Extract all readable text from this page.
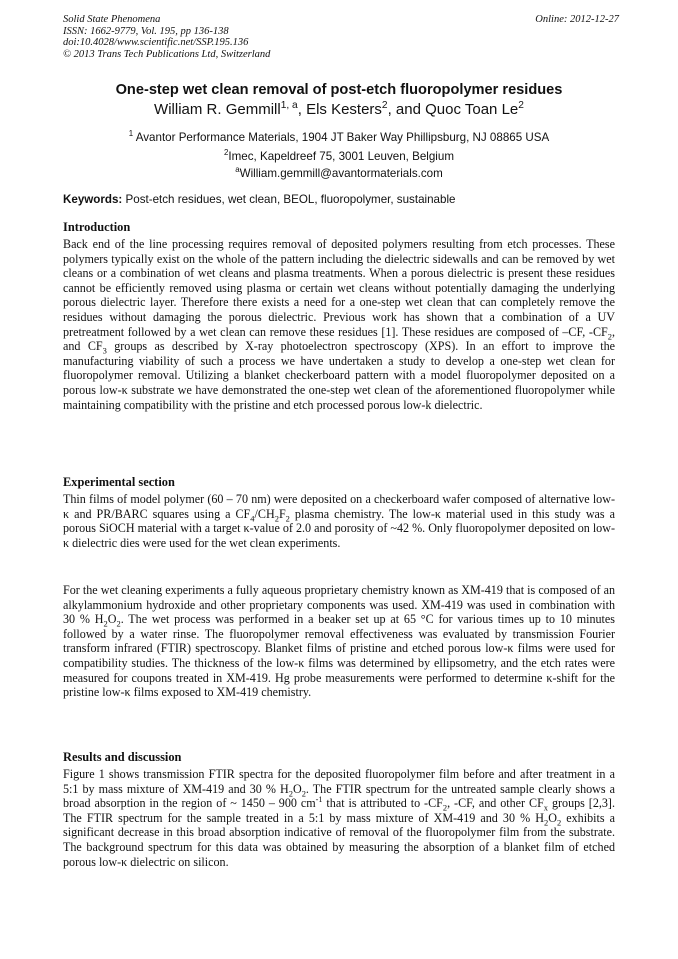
Solid State Phenomena
ISSN: 1662-9779, Vol. 195, pp 136-138
doi:10.4028/www.scientific.net/SSP.195.136
© 2013 Trans Tech Publications Ltd, Switzerland
Online: 2012-12-27
One-step wet clean removal of post-etch fluoropolymer residues
William R. Gemmill$^{1, a}$, Els Kesters$^2$, and Quoc Toan Le$^2$
$^1$ Avantor Performance Materials, 1904 JT Baker Way Phillipsburg, NJ 08865 USA
$^2$Imec, Kapeldreef 75, 3001 Leuven, Belgium
$^a$William.gemmill@avantormaterials.com
Keywords: Post-etch residues, wet clean, BEOL, fluoropolymer, sustainable
Introduction
Back end of the line processing requires removal of deposited polymers resulting from etch processes. These polymers typically exist on the whole of the pattern including the dielectric sidewalls and can be removed by wet cleans or a combination of wet cleans and plasma treatments. When a porous dielectric is present these residues cannot be efficiently removed using plasma or certain wet cleans without potentially damaging the underlying porous dielectric layer. Therefore there exists a need for a one-step wet clean that can completely remove the residues without damaging the porous dielectric. Previous work has shown that a combination of a UV pretreatment followed by a wet clean can remove these residues [1]. These residues are composed of –CF, $-CF_2$, and $CF_3$ groups as described by X-ray photoelectron spectroscopy (XPS). In an effort to improve the manufacturing viability of such a process we have undertaken a study to develop a one-step wet clean for fluoropolymer removal. Utilizing a blanket checkerboard pattern with a model fluoropolymer deposited on a porous low-κ substrate we have demonstrated the one-step wet clean of the aforementioned fluoropolymer while maintaining compatibility with the pristine and etch processed porous low-k dielectric.
Experimental section
Thin films of model polymer (60 – 70 nm) were deposited on a checkerboard wafer composed of alternative low-κ and PR/BARC squares using a $CF_4/CH_2F_2$ plasma chemistry. The low-κ material used in this study was a porous SiOCH material with a target κ-value of 2.0 and porosity of ~42 %. Only fluoropolymer deposited on low-κ dielectric dies were used for the wet clean experiments.
For the wet cleaning experiments a fully aqueous proprietary chemistry known as XM-419 that is composed of an alkylammonium hydroxide and other proprietary components was used. XM-419 was used in combination with 30 % $H_2O_2$. The wet process was performed in a beaker set up at 65 °C for various times up to 10 minutes followed by a water rinse. The fluoropolymer removal effectiveness was evaluated by transmission Fourier transform infrared (FTIR) spectroscopy. Blanket films of pristine and etched porous low-κ films were used for compatibility studies. The thickness of the low-κ films was determined by ellipsometry, and the etch rates were measured for coupons treated in XM-419. Hg probe measurements were performed to determine κ-shift for the pristine low-κ films exposed to XM-419 chemistry.
Results and discussion
Figure 1 shows transmission FTIR spectra for the deposited fluoropolymer film before and after treatment in a 5:1 by mass mixture of XM-419 and 30 % $H_2O_2$. The FTIR spectrum for the untreated sample clearly shows a broad absorption in the region of ~ 1450 – 900 $cm^{-1}$ that is attributed to $-CF_2$, -CF, and other $CF_x$ groups [2,3]. The FTIR spectrum for the sample treated in a 5:1 by mass mixture of XM-419 and 30 % $H_2O_2$ exhibits a significant decrease in this broad absorption indicative of removal of the fluoropolymer film from the substrate. The background spectrum for this data was obtained by measuring the absorption of a blanket film of etched porous low-κ dielectric on silicon.
